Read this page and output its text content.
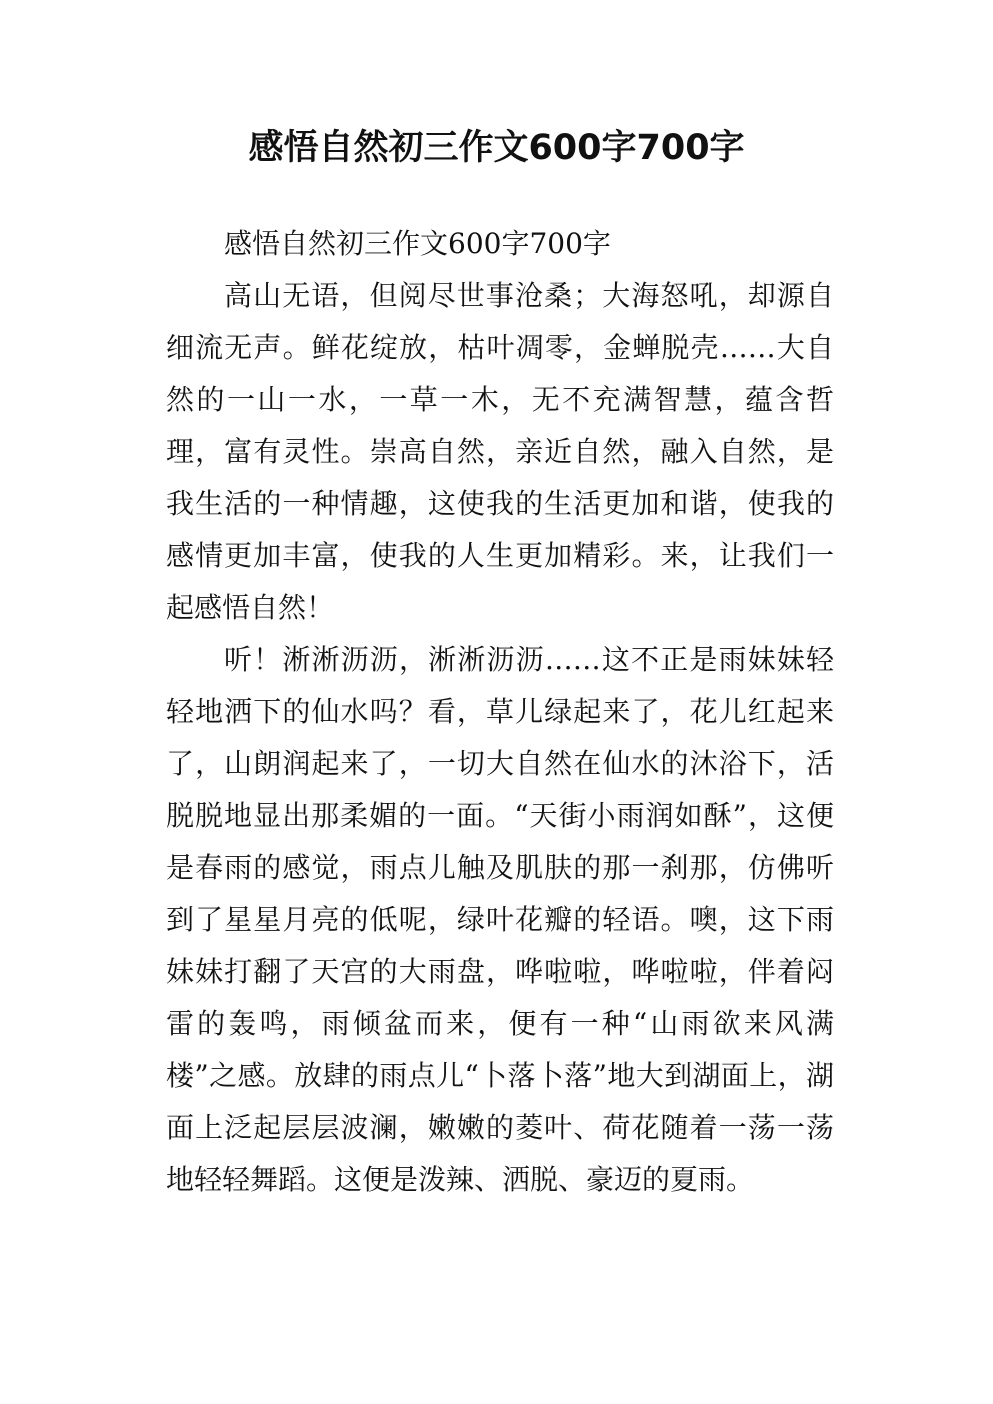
感悟自然初三作文600字700字

感悟自然初三作文600字700字

高山无语，但阅尽世事沧桑；大海怒吼，却源自细流无声。鲜花绽放，枯叶凋零，金蝉脱壳……大自然的一山一水，一草一木，无不充满智慧，蕴含哲理，富有灵性。崇高自然，亲近自然，融入自然，是我生活的一种情趣，这使我的生活更加和谐，使我的感情更加丰富，使我的人生更加精彩。来，让我们一起感悟自然！

听！淅淅沥沥，淅淅沥沥……这不正是雨妹妹轻轻地洒下的仙水吗？看，草儿绿起来了，花儿红起来了，山朗润起来了，一切大自然在仙水的沐浴下，活脱脱地显出那柔媚的一面。“天街小雨润如酥”，这便是春雨的感觉，雨点儿触及肌肤的那一刹那，仿佛听到了星星月亮的低呢，绿叶花瓣的轻语。噢，这下雨妹妹打翻了天宫的大雨盘，哗啦啦，哗啦啦，伴着闷雷的轰鸣，雨倾盆而来，便有一种“山雨欲来风满楼”之感。放肆的雨点儿“卜落卜落”地大到湖面上，湖面上泛起层层波澜，嫩嫩的菱叶、荷花随着一荡一荡地轻轻舞蹈。这便是泼辣、洒脱、豪迈的夏雨。
